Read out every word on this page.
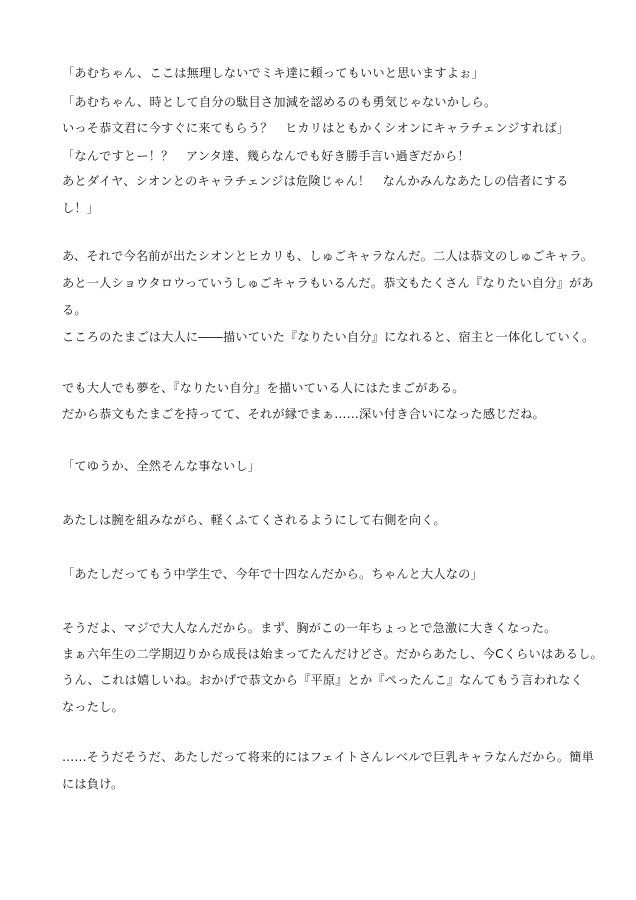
「あむちゃん、ここは無理しないでミキ達に頼ってもいいと思いますよぉ」
「あむちゃん、時として自分の駄目さ加減を認めるのも勇気じゃないかしら。
いっそ恭文君に今すぐに来てもらう？　ヒカリはともかくシオンにキャラチェンジすれば」
「なんですとー！？　アンタ達、幾らなんでも好き勝手言い過ぎだから！
あとダイヤ、シオンとのキャラチェンジは危険じゃん！　なんかみんなあたしの信者にする
し！」
あ、それで今名前が出たシオンとヒカリも、しゅごキャラなんだ。二人は恭文のしゅごキャラ。
あと一人ショウタロウっていうしゅごキャラもいるんだ。恭文もたくさん『なりたい自分』があ
る。
こころのたまごは大人に――描いていた『なりたい自分』になれると、宿主と一体化していく。
でも大人でも夢を、『なりたい自分』を描いている人にはたまごがある。
だから恭文もたまごを持ってて、それが縁でまぁ……深い付き合いになった感じだね。
「てゆうか、全然そんな事ないし」
あたしは腕を組みながら、軽くふてくされるようにして右側を向く。
「あたしだってもう中学生で、今年で十四なんだから。ちゃんと大人なの」
そうだよ、マジで大人なんだから。まず、胸がこの一年ちょっとで急激に大きくなった。
まぁ六年生の二学期辺りから成長は始まってたんだけどさ。だからあたし、今Cくらいはあるし。
うん、これは嬉しいね。おかげで恭文から『平原』とか『ぺったんこ』なんてもう言われなく
なったし。
……そうだそうだ、あたしだって将来的にはフェイトさんレベルで巨乳キャラなんだから。簡単
には負け。
